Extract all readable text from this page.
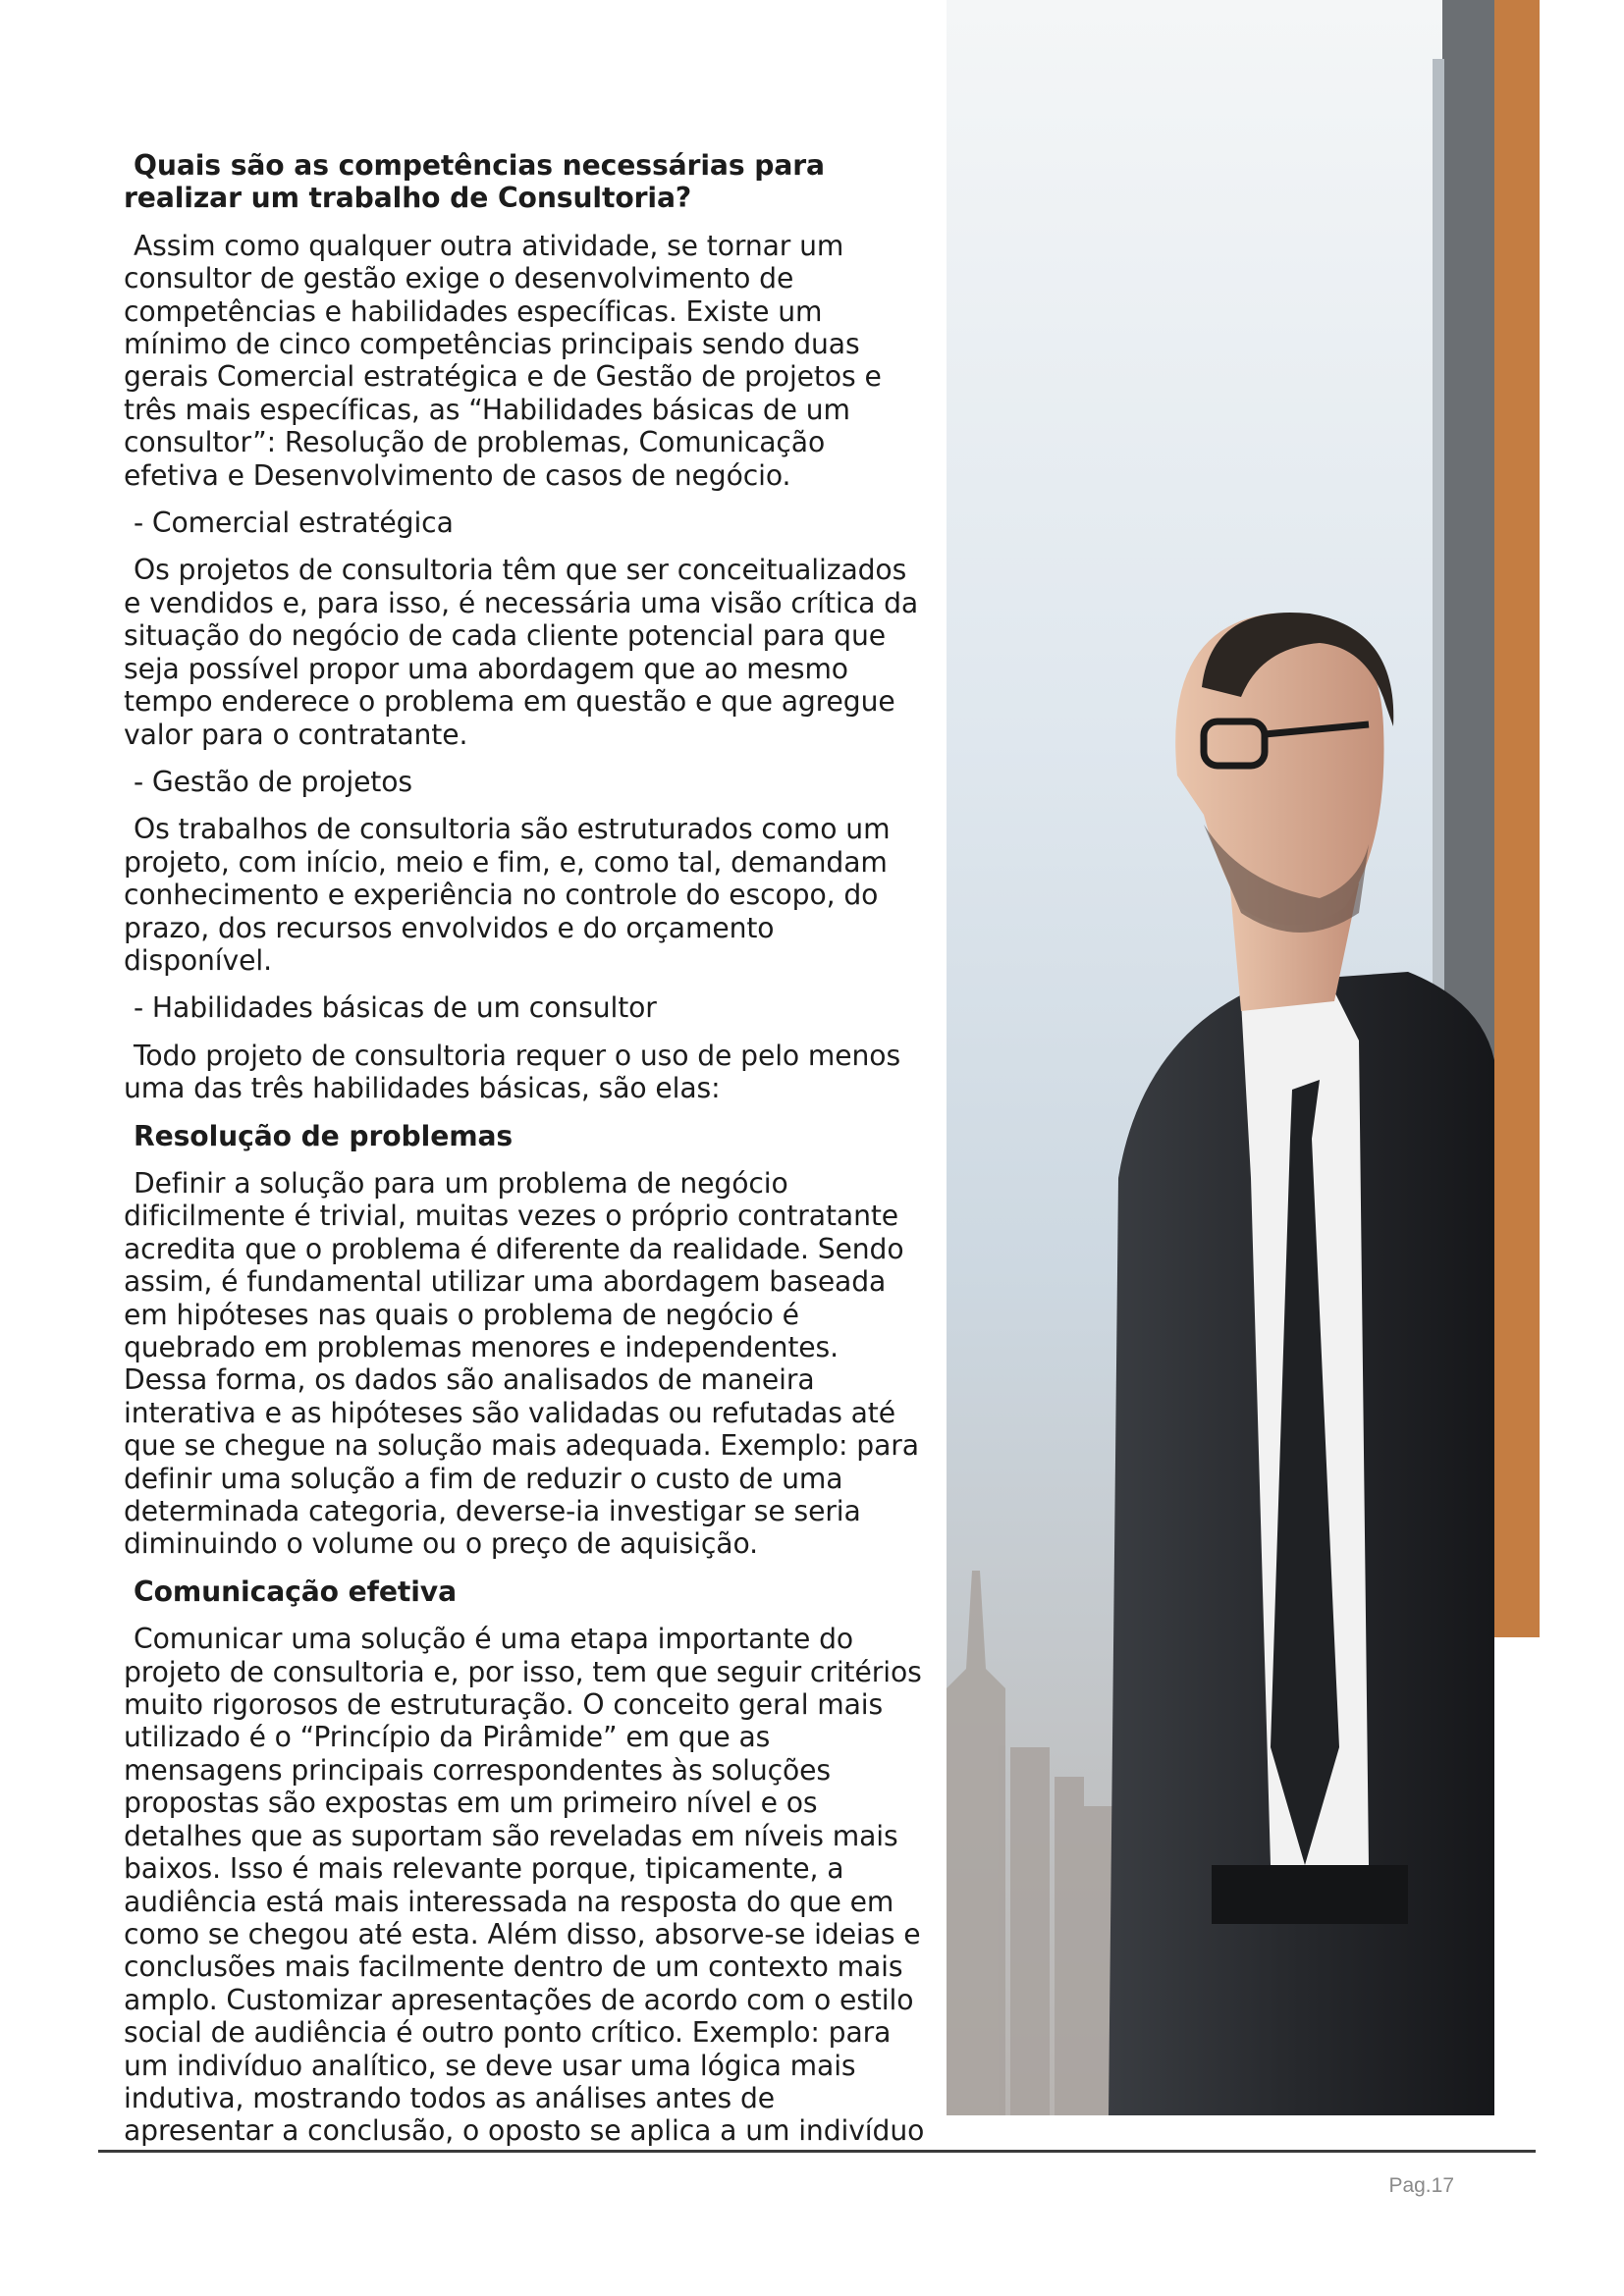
Quais são as competências necessárias para realizar um trabalho de Consultoria?

Assim como qualquer outra atividade, se tornar um consultor de gestão exige o desenvolvimento de competências e habilidades específicas. Existe um mínimo de cinco competências principais sendo duas gerais Comercial estratégica e de Gestão de projetos e três mais específicas, as “Habilidades básicas de um consultor”: Resolução de problemas, Comunicação efetiva e Desenvolvimento de casos de negócio.

- Comercial estratégica

Os projetos de consultoria têm que ser conceitualizados e vendidos e, para isso, é necessária uma visão crítica da situação do negócio de cada cliente potencial para que seja possível propor uma abordagem que ao mesmo tempo enderece o problema em questão e que agregue valor para o contratante.

- Gestão de projetos

Os trabalhos de consultoria são estruturados como um projeto, com início, meio e fim, e, como tal, demandam conhecimento e experiência no controle do escopo, do prazo, dos recursos envolvidos e do orçamento disponível.

- Habilidades básicas de um consultor

Todo projeto de consultoria requer o uso de pelo menos uma das três habilidades básicas, são elas:

Resolução de problemas

Definir a solução para um problema de negócio dificilmente é trivial, muitas vezes o próprio contratante acredita que o problema é diferente da realidade. Sendo assim, é fundamental utilizar uma abordagem baseada em hipóteses nas quais o problema de negócio é quebrado em problemas menores e independentes. Dessa forma, os dados são analisados de maneira interativa e as hipóteses são validadas ou refutadas até que se chegue na solução mais adequada. Exemplo: para definir uma solução a fim de reduzir o custo de uma determinada categoria, deverse-ia investigar se seria diminuindo o volume ou o preço de aquisição.

Comunicação efetiva

Comunicar uma solução é uma etapa importante do projeto de consultoria e, por isso, tem que seguir critérios muito rigorosos de estruturação. O conceito geral mais utilizado é o “Princípio da Pirâmide” em que as mensagens principais correspondentes às soluções propostas são expostas em um primeiro nível e os detalhes que as suportam são reveladas em níveis mais baixos. Isso é mais relevante porque, tipicamente, a audiência está mais interessada na resposta do que em como se chegou até esta. Além disso, absorve-se ideias e conclusões mais facilmente dentro de um contexto mais amplo. Customizar apresentações de acordo com o estilo social de audiência é outro ponto crítico. Exemplo: para um indivíduo analítico, se deve usar uma lógica mais indutiva, mostrando todos as análises antes de apresentar a conclusão, o oposto se aplica a um indivíduo

Pag.17
